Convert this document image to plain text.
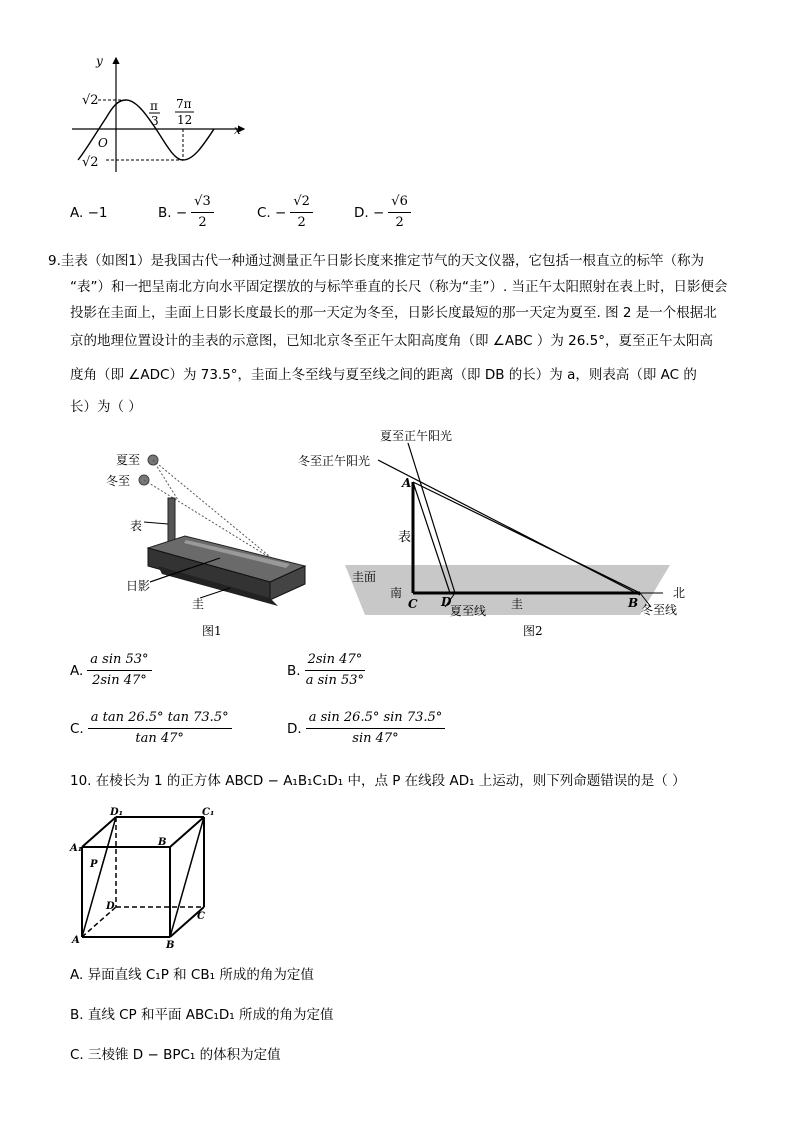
y
x
O
√2
√2
π
3
7π
12
A.
−1	B.
− $\frac{√3}{2}$	C.
− $\frac{√2}{2}$	D.
− $\frac{√6}{2}$
9.圭表（如图1）是我国古代一种通过测量正午日影长度来推定节气的天文仪器，它包括一根直立的标竿（称为
“表”）和一把呈南北方向水平固定摆放的与标竿垂直的长尺（称为“圭”）. 当正午太阳照射在表上时，日影便会
投影在圭面上，圭面上日影长度最长的那一天定为冬至，日影长度最短的那一天定为夏至. 图 2 是一个根据北
京的地理位置设计的圭表的示意图，已知北京冬至正午太阳高度角（即 ∠ABC ）为 26.5°，夏至正午太阳高
度角（即 ∠ADC）为 73.5°，圭面上冬至线与夏至线之间的距离（即 DB 的长）为 a，则表高（即 AC 的
长）为（ ）
夏至
冬至
表
日影
圭
图1
夏至正午阳光
冬至正午阳光
A
表
圭面
南
C D
夏至线 圭	B
北
冬至线
图2
A. $\frac{\text{a sin 53°}}{2\sin 47^\circ}$	B. $\frac{2\sin 47^\circ}{\text{a sin 53°}}$
C. $\frac{\text{a tan 26.5° tan 73.5°}}{\tan 47^\circ}$	D. $\frac{\text{a sin 26.5° sin 73.5°}}{\sin 47^\circ}$
10. 在棱长为 1 的正方体 ABCD − A₁B₁C₁D₁ 中，点 P 在线段 AD₁ 上运动，则下列命题错误的是（ ）
D₁	C₁
A₁
B
P
D
C
A	B
A. 异面直线 C₁P 和 CB₁ 所成的角为定值
B. 直线 CP 和平面 ABC₁D₁ 所成的角为定值
C. 三棱锥 D − BPC₁ 的体积为定值
